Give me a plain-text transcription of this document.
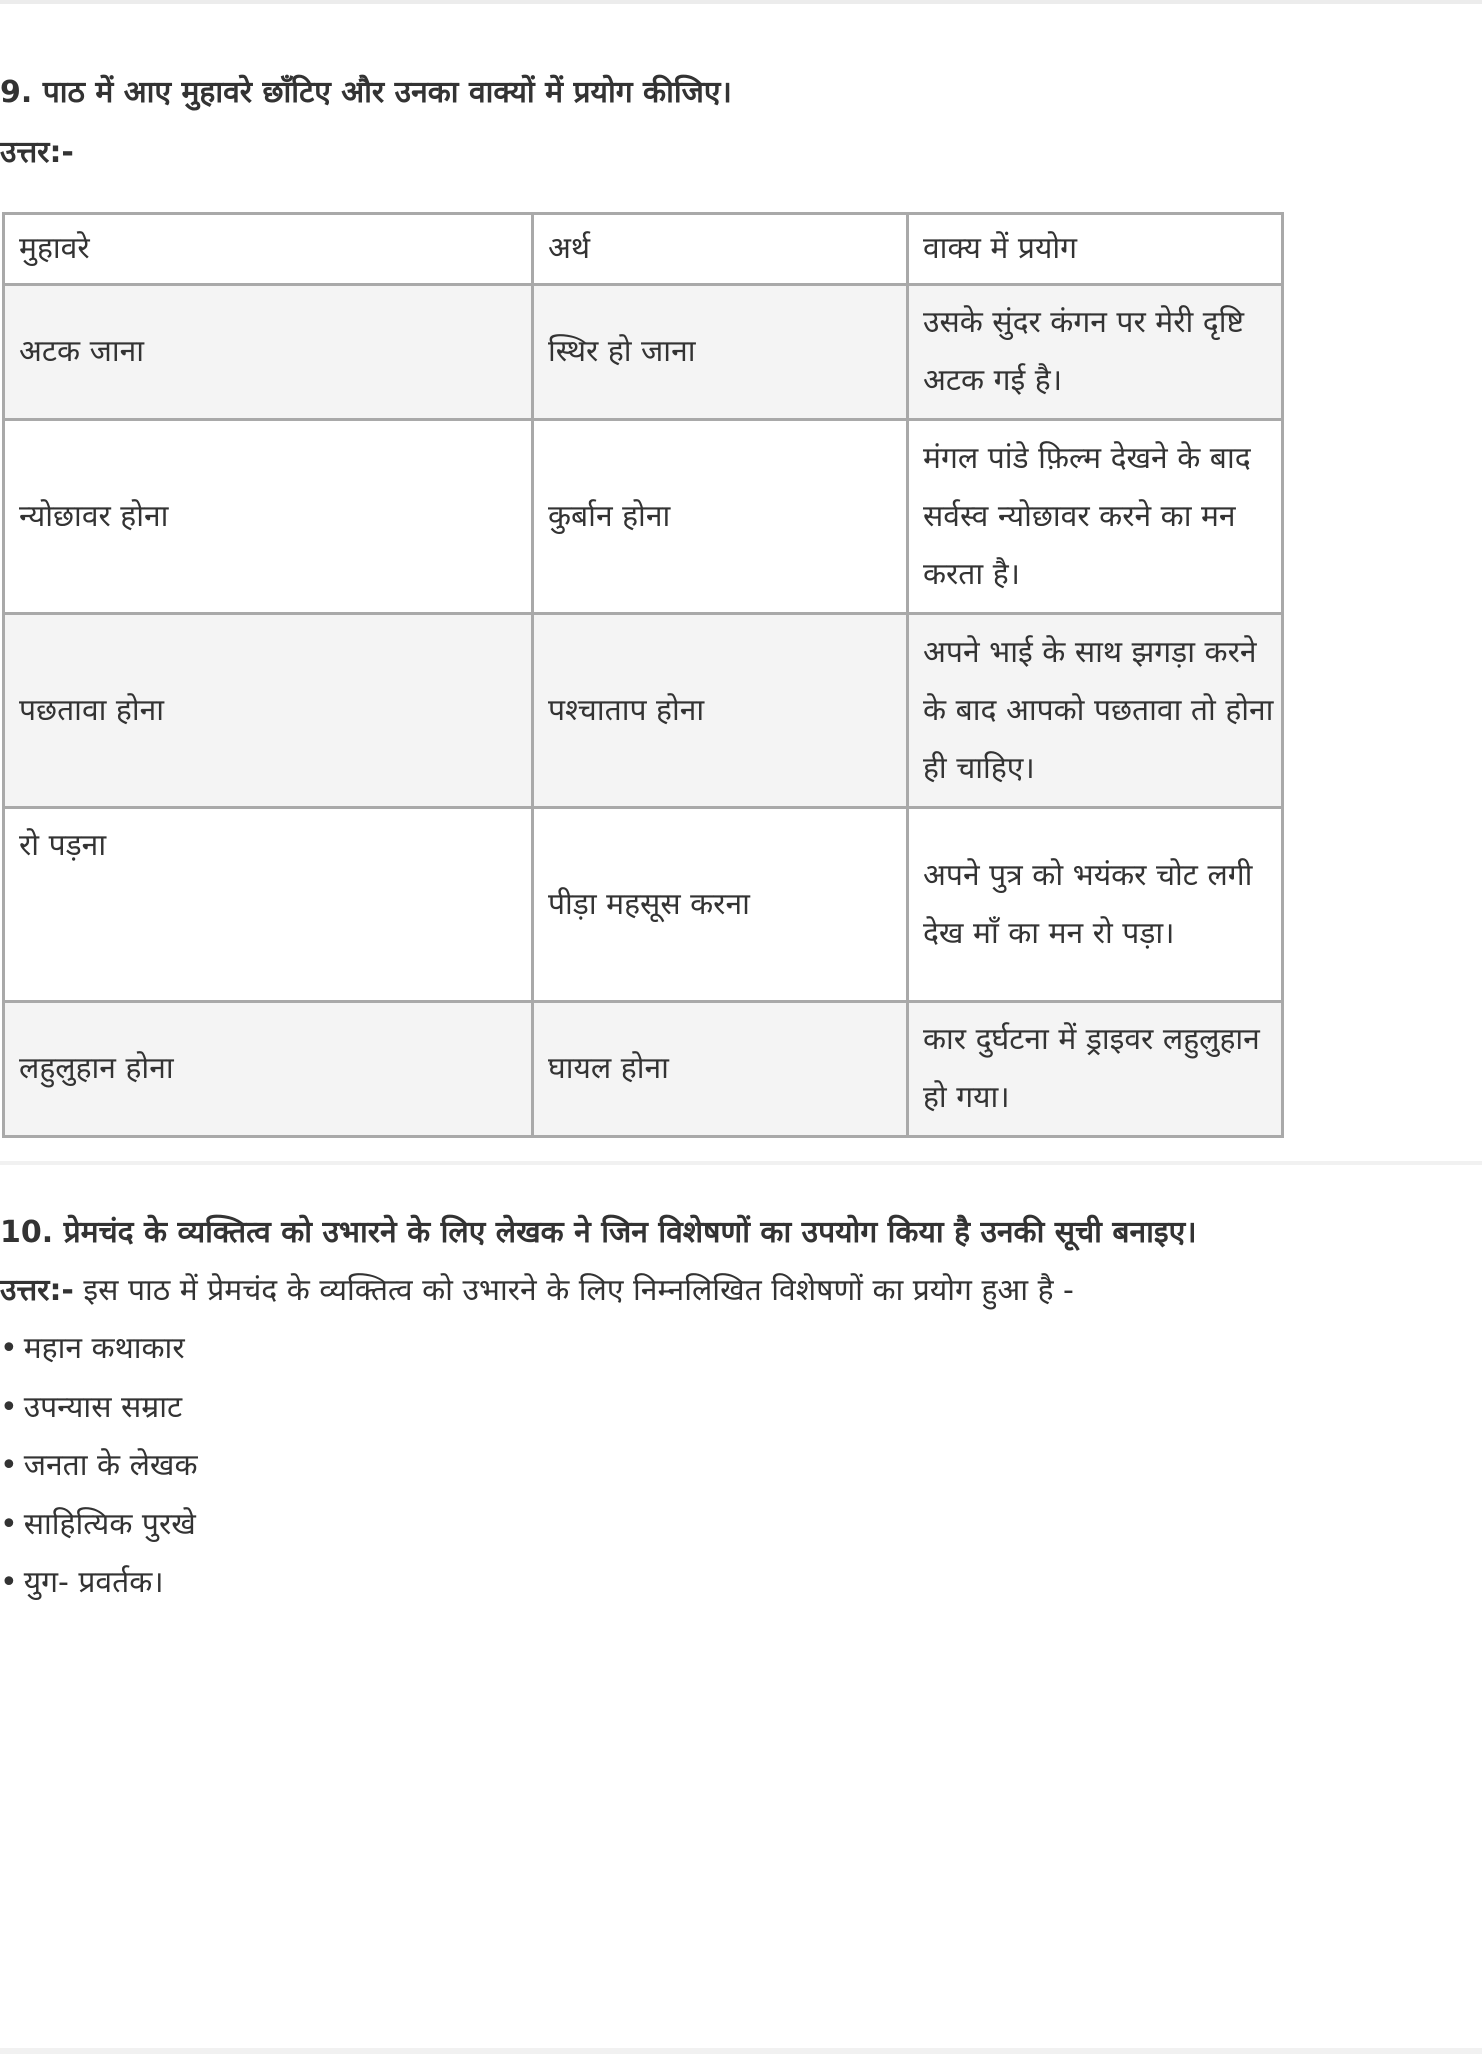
9. पाठ में आए मुहावरे छाँटिए और उनका वाक्यों में प्रयोग कीजिए।
उत्तर:-
मुहावरे	अर्थ	वाक्य में प्रयोग
अटक जाना	स्थिर हो जाना	उसके सुंदर कंगन पर मेरी दृष्टि अटक गई है।
न्योछावर होना	कुर्बान होना	मंगल पांडे फ़िल्म देखने के बाद सर्वस्व न्योछावर करने का मन करता है।
पछतावा होना	पश्चाताप होना	अपने भाई के साथ झगड़ा करने के बाद आपको पछतावा तो होना ही चाहिए।
रो पड़ना	पीड़ा महसूस करना	अपने पुत्र को भयंकर चोट लगी देख माँ का मन रो पड़ा।
लहुलुहान होना	घायल होना	कार दुर्घटना में ड्राइवर लहुलुहान हो गया।
10. प्रेमचंद के व्यक्तित्व को उभारने के लिए लेखक ने जिन विशेषणों का उपयोग किया है उनकी सूची बनाइए।
उत्तर:- इस पाठ में प्रेमचंद के व्यक्तित्व को उभारने के लिए निम्नलिखित विशेषणों का प्रयोग हुआ है -
• महान कथाकार
• उपन्यास सम्राट
• जनता के लेखक
• साहित्यिक पुरखे
• युग- प्रवर्तक।
